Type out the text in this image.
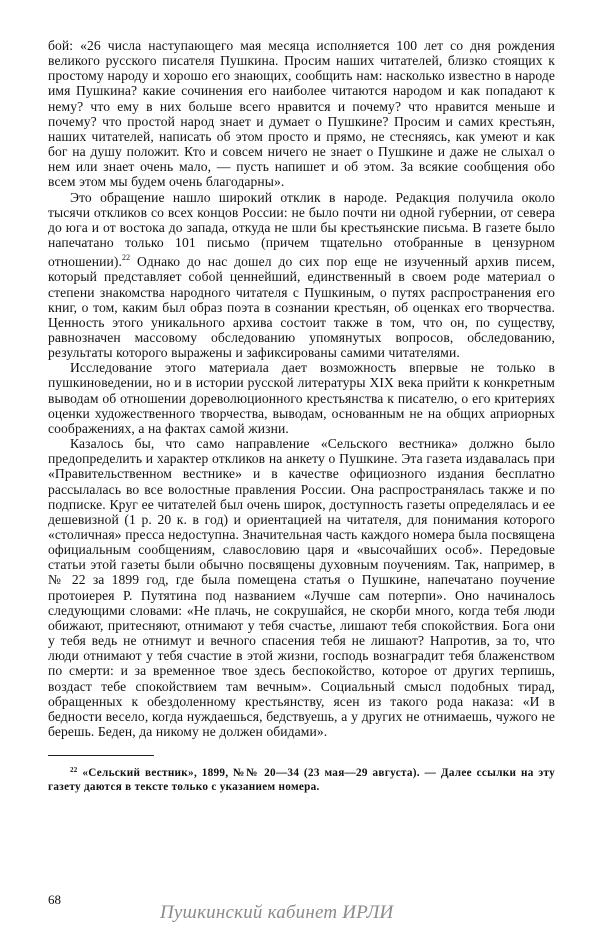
бой: «26 числа наступающего мая месяца исполняется 100 лет со дня рождения великого русского писателя Пушкина. Просим наших читателей, близко стоящих к простому народу и хорошо его знающих, сообщить нам: насколько известно в народе имя Пушкина? какие сочинения его наиболее читаются народом и как попадают к нему? что ему в них больше всего нравится и почему? что нравится меньше и почему? что простой народ знает и думает о Пушкине? Просим и самих крестьян, наших читателей, написать об этом просто и прямо, не стесняясь, как умеют и как бог на душу положит. Кто и совсем ничего не знает о Пушкине и даже не слыхал о нем или знает очень мало, — пусть напишет и об этом. За всякие сообщения обо всем этом мы будем очень благодарны».

Это обращение нашло широкий отклик в народе. Редакция получила около тысячи откликов со всех концов России: не было почти ни одной губернии, от севера до юга и от востока до запада, откуда не шли бы крестьянские письма. В газете было напечатано только 101 письмо (причем тщательно отобранные в цензурном отношении).$^{22}$ Однако до нас дошел до сих пор еще не изученный архив писем, который представляет собой ценнейший, единственный в своем роде материал о степени знакомства народного читателя с Пушкиным, о путях распространения его книг, о том, каким был образ поэта в сознании крестьян, об оценках его творчества. Ценность этого уникального архива состоит также в том, что он, по существу, равнозначен массовому обследованию упомянутых вопросов, обследованию, результаты которого выражены и зафиксированы самими читателями.

Исследование этого материала дает возможность впервые не только в пушкиноведении, но и в истории русской литературы XIX века прийти к конкретным выводам об отношении дореволюционного крестьянства к писателю, о его критериях оценки художественного творчества, выводам, основанным не на общих априорных соображениях, а на фактах самой жизни.

Казалось бы, что само направление «Сельского вестника» должно было предопределить и характер откликов на анкету о Пушкине. Эта газета издавалась при «Правительственном вестнике» и в качестве официозного издания бесплатно рассылалась во все волостные правления России. Она распространялась также и по подписке. Круг ее читателей был очень широк, доступность газеты определялась и ее дешевизной (1 р. 20 к. в год) и ориентацией на читателя, для понимания которого «столичная» пресса недоступна. Значительная часть каждого номера была посвящена официальным сообщениям, славословию царя и «высочайших особ». Передовые статьи этой газеты были обычно посвящены духовным поучениям. Так, например, в № 22 за 1899 год, где была помещена статья о Пушкине, напечатано поучение протоиерея Р. Путятина под названием «Лучше сам потерпи». Оно начиналось следующими словами: «Не плачь, не сокрушайся, не скорби много, когда тебя люди обижают, притесняют, отнимают у тебя счастье, лишают тебя спокойствия. Бога они у тебя ведь не отнимут и вечного спасения тебя не лишают? Напротив, за то, что люди отнимают у тебя счастие в этой жизни, господь вознаградит тебя блаженством по смерти: и за временное твое здесь беспокойство, которое от других терпишь, воздаст тебе спокойствием там вечным». Социальный смысл подобных тирад, обращенных к обездоленному крестьянству, ясен из такого рода наказа: «И в бедности весело, когда нуждаешься, бедствуешь, а у других не отнимаешь, чужого не берешь. Беден, да никому не должен обидами».

$^{22}$ «Сельский вестник», 1899, №№ 20—34 (23 мая—29 августа). — Далее ссылки на эту газету даются в тексте только с указанием номера.

68
Пушкинский кабинет ИРЛИ
